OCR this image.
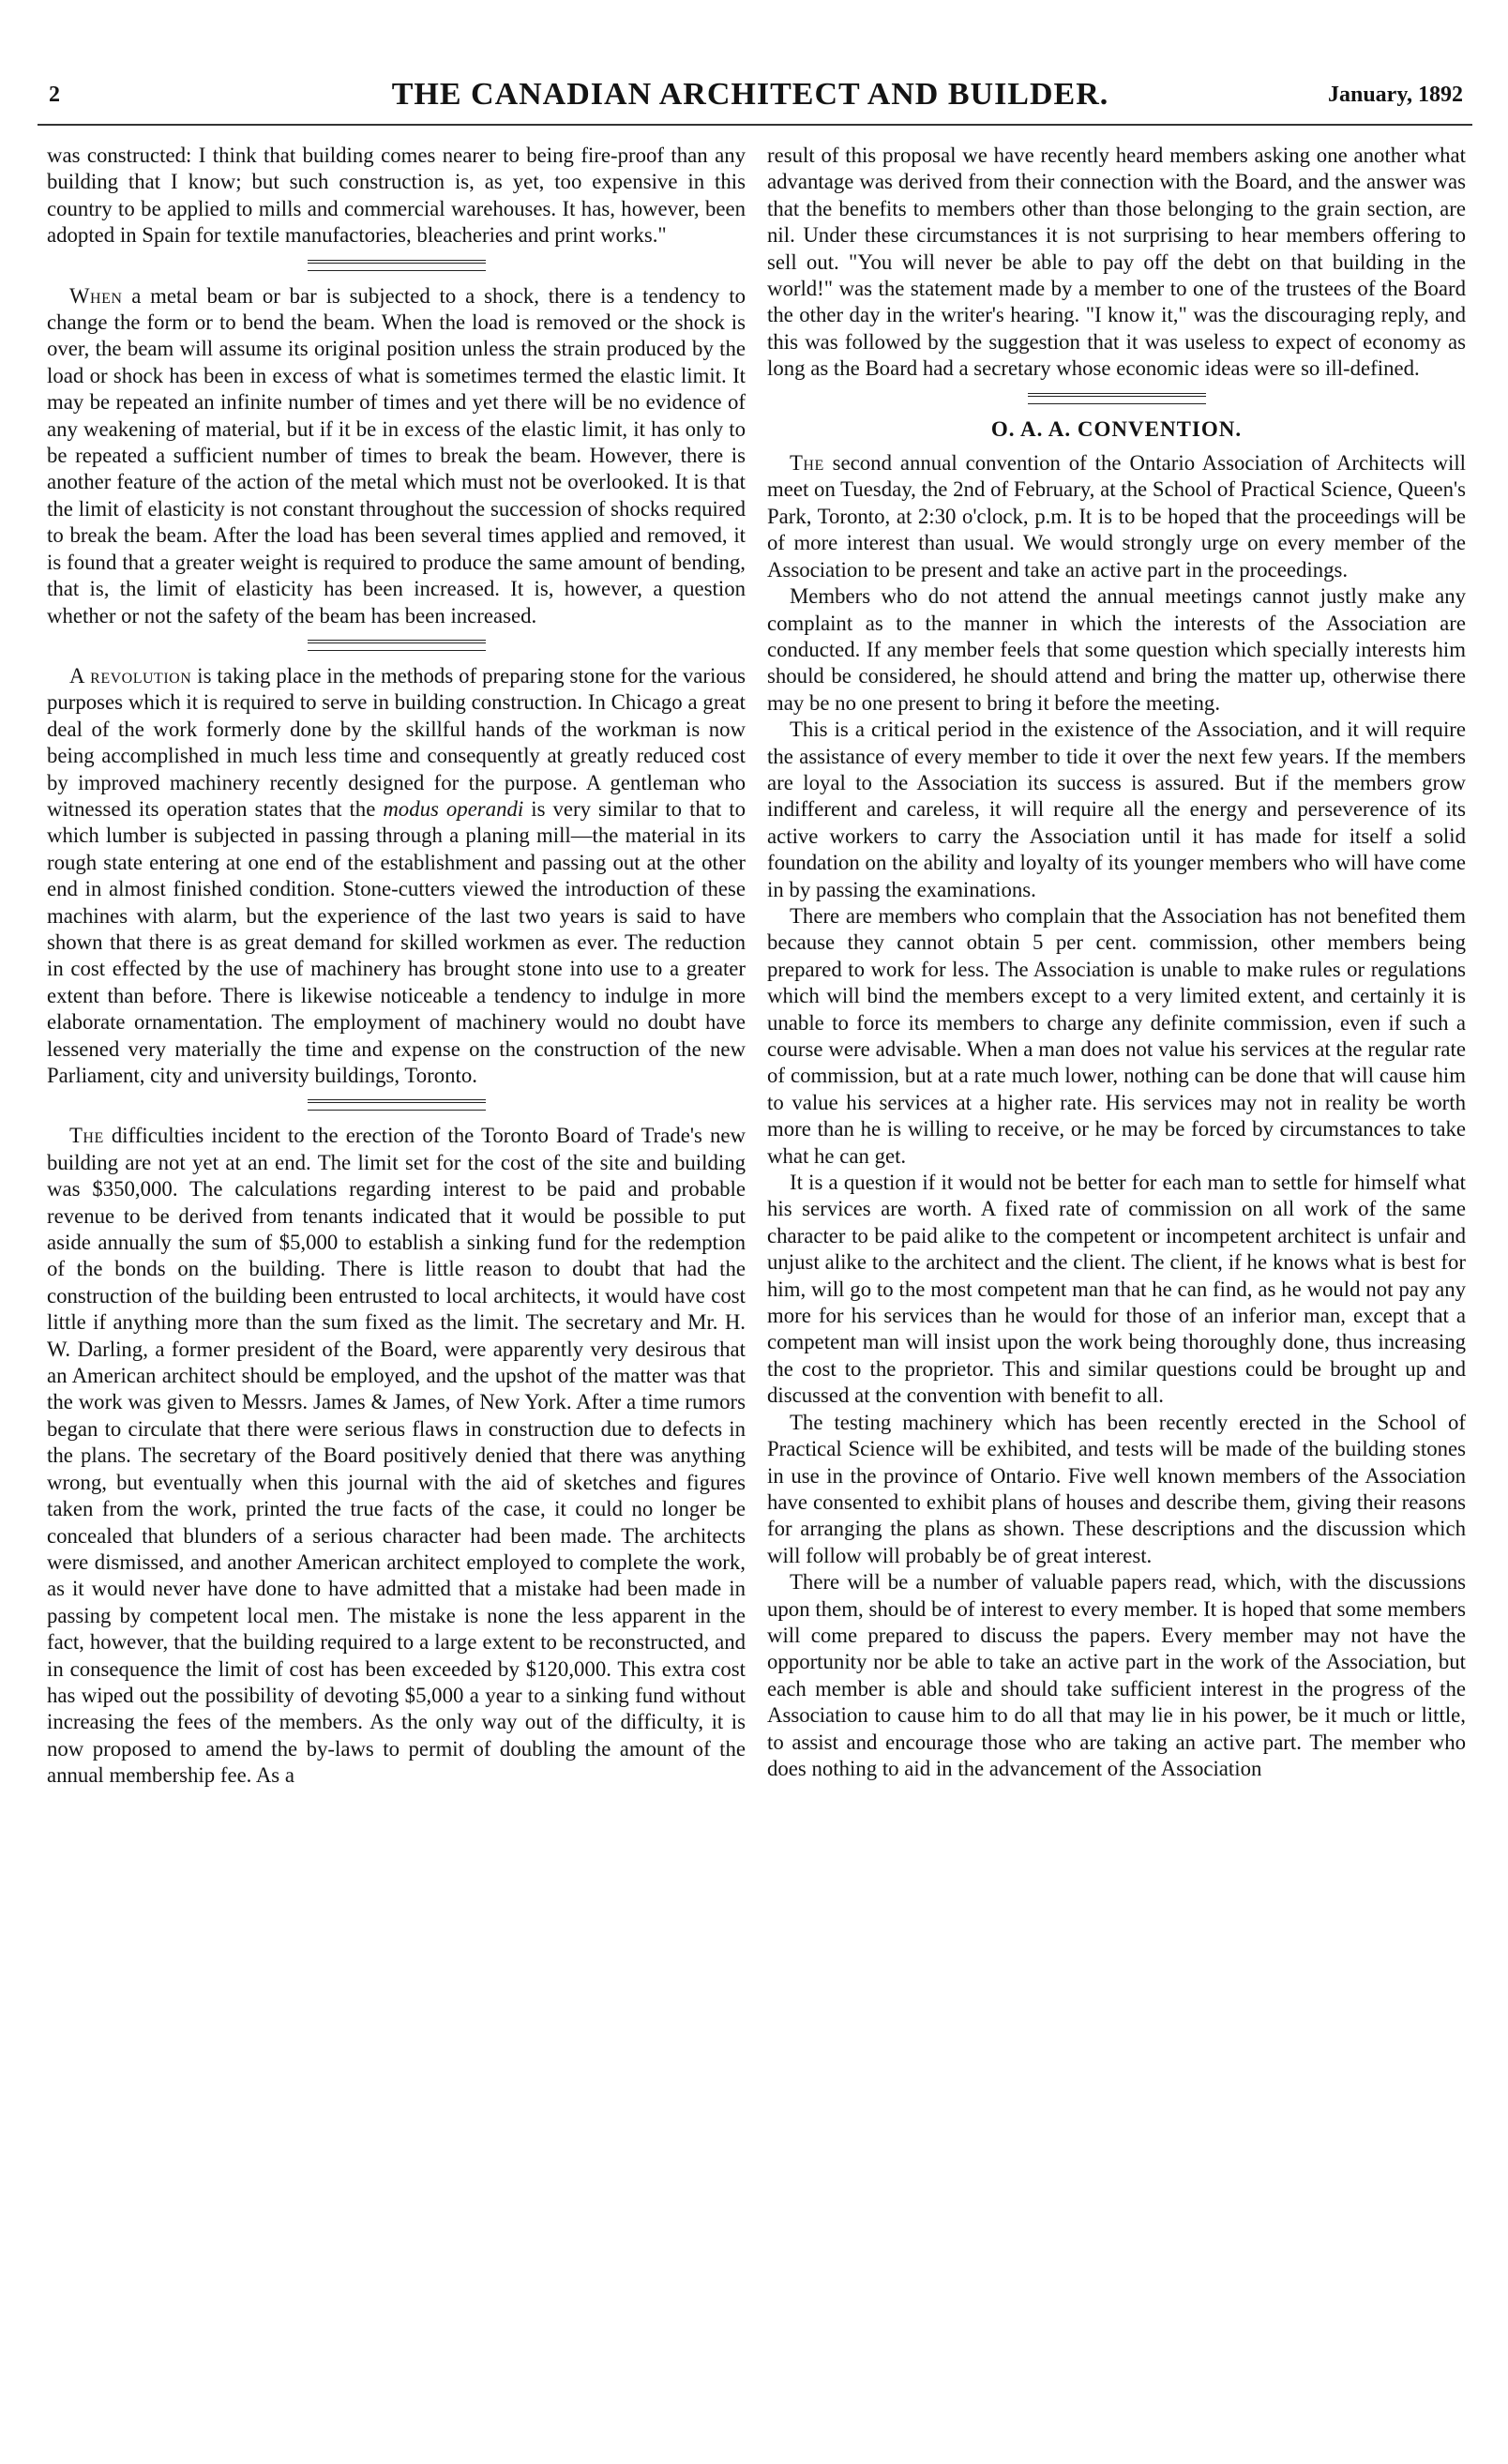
2	THE CANADIAN ARCHITECT AND BUILDER.	January, 1892

was constructed: I think that building comes nearer to being fire-proof than any building that I know; but such construction is, as yet, too expensive in this country to be applied to mills and commercial warehouses. It has, however, been adopted in Spain for textile manufactories, bleacheries and print works."

When a metal beam or bar is subjected to a shock, there is a tendency to change the form or to bend the beam. When the load is removed or the shock is over, the beam will assume its original position unless the strain produced by the load or shock has been in excess of what is sometimes termed the elastic limit. It may be repeated an infinite number of times and yet there will be no evidence of any weakening of material, but if it be in excess of the elastic limit, it has only to be repeated a sufficient number of times to break the beam. However, there is another feature of the action of the metal which must not be overlooked. It is that the limit of elasticity is not constant throughout the succession of shocks required to break the beam. After the load has been several times applied and removed, it is found that a greater weight is required to produce the same amount of bending, that is, the limit of elasticity has been increased. It is, however, a question whether or not the safety of the beam has been increased.

A revolution is taking place in the methods of preparing stone for the various purposes which it is required to serve in building construction. In Chicago a great deal of the work formerly done by the skillful hands of the workman is now being accomplished in much less time and consequently at greatly reduced cost by improved machinery recently designed for the purpose. A gentleman who witnessed its operation states that the modus operandi is very similar to that to which lumber is subjected in passing through a planing mill—the material in its rough state entering at one end of the establishment and passing out at the other end in almost finished condition. Stone-cutters viewed the introduction of these machines with alarm, but the experience of the last two years is said to have shown that there is as great demand for skilled workmen as ever. The reduction in cost effected by the use of machinery has brought stone into use to a greater extent than before. There is likewise noticeable a tendency to indulge in more elaborate ornamentation. The employment of machinery would no doubt have lessened very materially the time and expense on the construction of the new Parliament, city and university buildings, Toronto.

The difficulties incident to the erection of the Toronto Board of Trade's new building are not yet at an end. The limit set for the cost of the site and building was $350,000. The calculations regarding interest to be paid and probable revenue to be derived from tenants indicated that it would be possible to put aside annually the sum of $5,000 to establish a sinking fund for the redemption of the bonds on the building. There is little reason to doubt that had the construction of the building been entrusted to local architects, it would have cost little if anything more than the sum fixed as the limit. The secretary and Mr. H. W. Darling, a former president of the Board, were apparently very desirous that an American architect should be employed, and the upshot of the matter was that the work was given to Messrs. James & James, of New York. After a time rumors began to circulate that there were serious flaws in construction due to defects in the plans. The secretary of the Board positively denied that there was anything wrong, but eventually when this journal with the aid of sketches and figures taken from the work, printed the true facts of the case, it could no longer be concealed that blunders of a serious character had been made. The architects were dismissed, and another American architect employed to complete the work, as it would never have done to have admitted that a mistake had been made in passing by competent local men. The mistake is none the less apparent in the fact, however, that the building required to a large extent to be reconstructed, and in consequence the limit of cost has been exceeded by $120,000. This extra cost has wiped out the possibility of devoting $5,000 a year to a sinking fund without increasing the fees of the members. As the only way out of the difficulty, it is now proposed to amend the by-laws to permit of doubling the amount of the annual membership fee. As a

result of this proposal we have recently heard members asking one another what advantage was derived from their connection with the Board, and the answer was that the benefits to members other than those belonging to the grain section, are nil. Under these circumstances it is not surprising to hear members offering to sell out. "You will never be able to pay off the debt on that building in the world!" was the statement made by a member to one of the trustees of the Board the other day in the writer's hearing. "I know it," was the discouraging reply, and this was followed by the suggestion that it was useless to expect of economy as long as the Board had a secretary whose economic ideas were so ill-defined.

O. A. A. CONVENTION.

The second annual convention of the Ontario Association of Architects will meet on Tuesday, the 2nd of February, at the School of Practical Science, Queen's Park, Toronto, at 2:30 o'clock, p.m. It is to be hoped that the proceedings will be of more interest than usual. We would strongly urge on every member of the Association to be present and take an active part in the proceedings.

Members who do not attend the annual meetings cannot justly make any complaint as to the manner in which the interests of the Association are conducted. If any member feels that some question which specially interests him should be considered, he should attend and bring the matter up, otherwise there may be no one present to bring it before the meeting.

This is a critical period in the existence of the Association, and it will require the assistance of every member to tide it over the next few years. If the members are loyal to the Association its success is assured. But if the members grow indifferent and careless, it will require all the energy and perseverence of its active workers to carry the Association until it has made for itself a solid foundation on the ability and loyalty of its younger members who will have come in by passing the examinations.

There are members who complain that the Association has not benefited them because they cannot obtain 5 per cent. commission, other members being prepared to work for less. The Association is unable to make rules or regulations which will bind the members except to a very limited extent, and certainly it is unable to force its members to charge any definite commission, even if such a course were advisable. When a man does not value his services at the regular rate of commission, but at a rate much lower, nothing can be done that will cause him to value his services at a higher rate. His services may not in reality be worth more than he is willing to receive, or he may be forced by circumstances to take what he can get.

It is a question if it would not be better for each man to settle for himself what his services are worth. A fixed rate of commission on all work of the same character to be paid alike to the competent or incompetent architect is unfair and unjust alike to the architect and the client. The client, if he knows what is best for him, will go to the most competent man that he can find, as he would not pay any more for his services than he would for those of an inferior man, except that a competent man will insist upon the work being thoroughly done, thus increasing the cost to the proprietor. This and similar questions could be brought up and discussed at the convention with benefit to all.

The testing machinery which has been recently erected in the School of Practical Science will be exhibited, and tests will be made of the building stones in use in the province of Ontario. Five well known members of the Association have consented to exhibit plans of houses and describe them, giving their reasons for arranging the plans as shown. These descriptions and the discussion which will follow will probably be of great interest.

There will be a number of valuable papers read, which, with the discussions upon them, should be of interest to every member. It is hoped that some members will come prepared to discuss the papers. Every member may not have the opportunity nor be able to take an active part in the work of the Association, but each member is able and should take sufficient interest in the progress of the Association to cause him to do all that may lie in his power, be it much or little, to assist and encourage those who are taking an active part. The member who does nothing to aid in the advancement of the Association
